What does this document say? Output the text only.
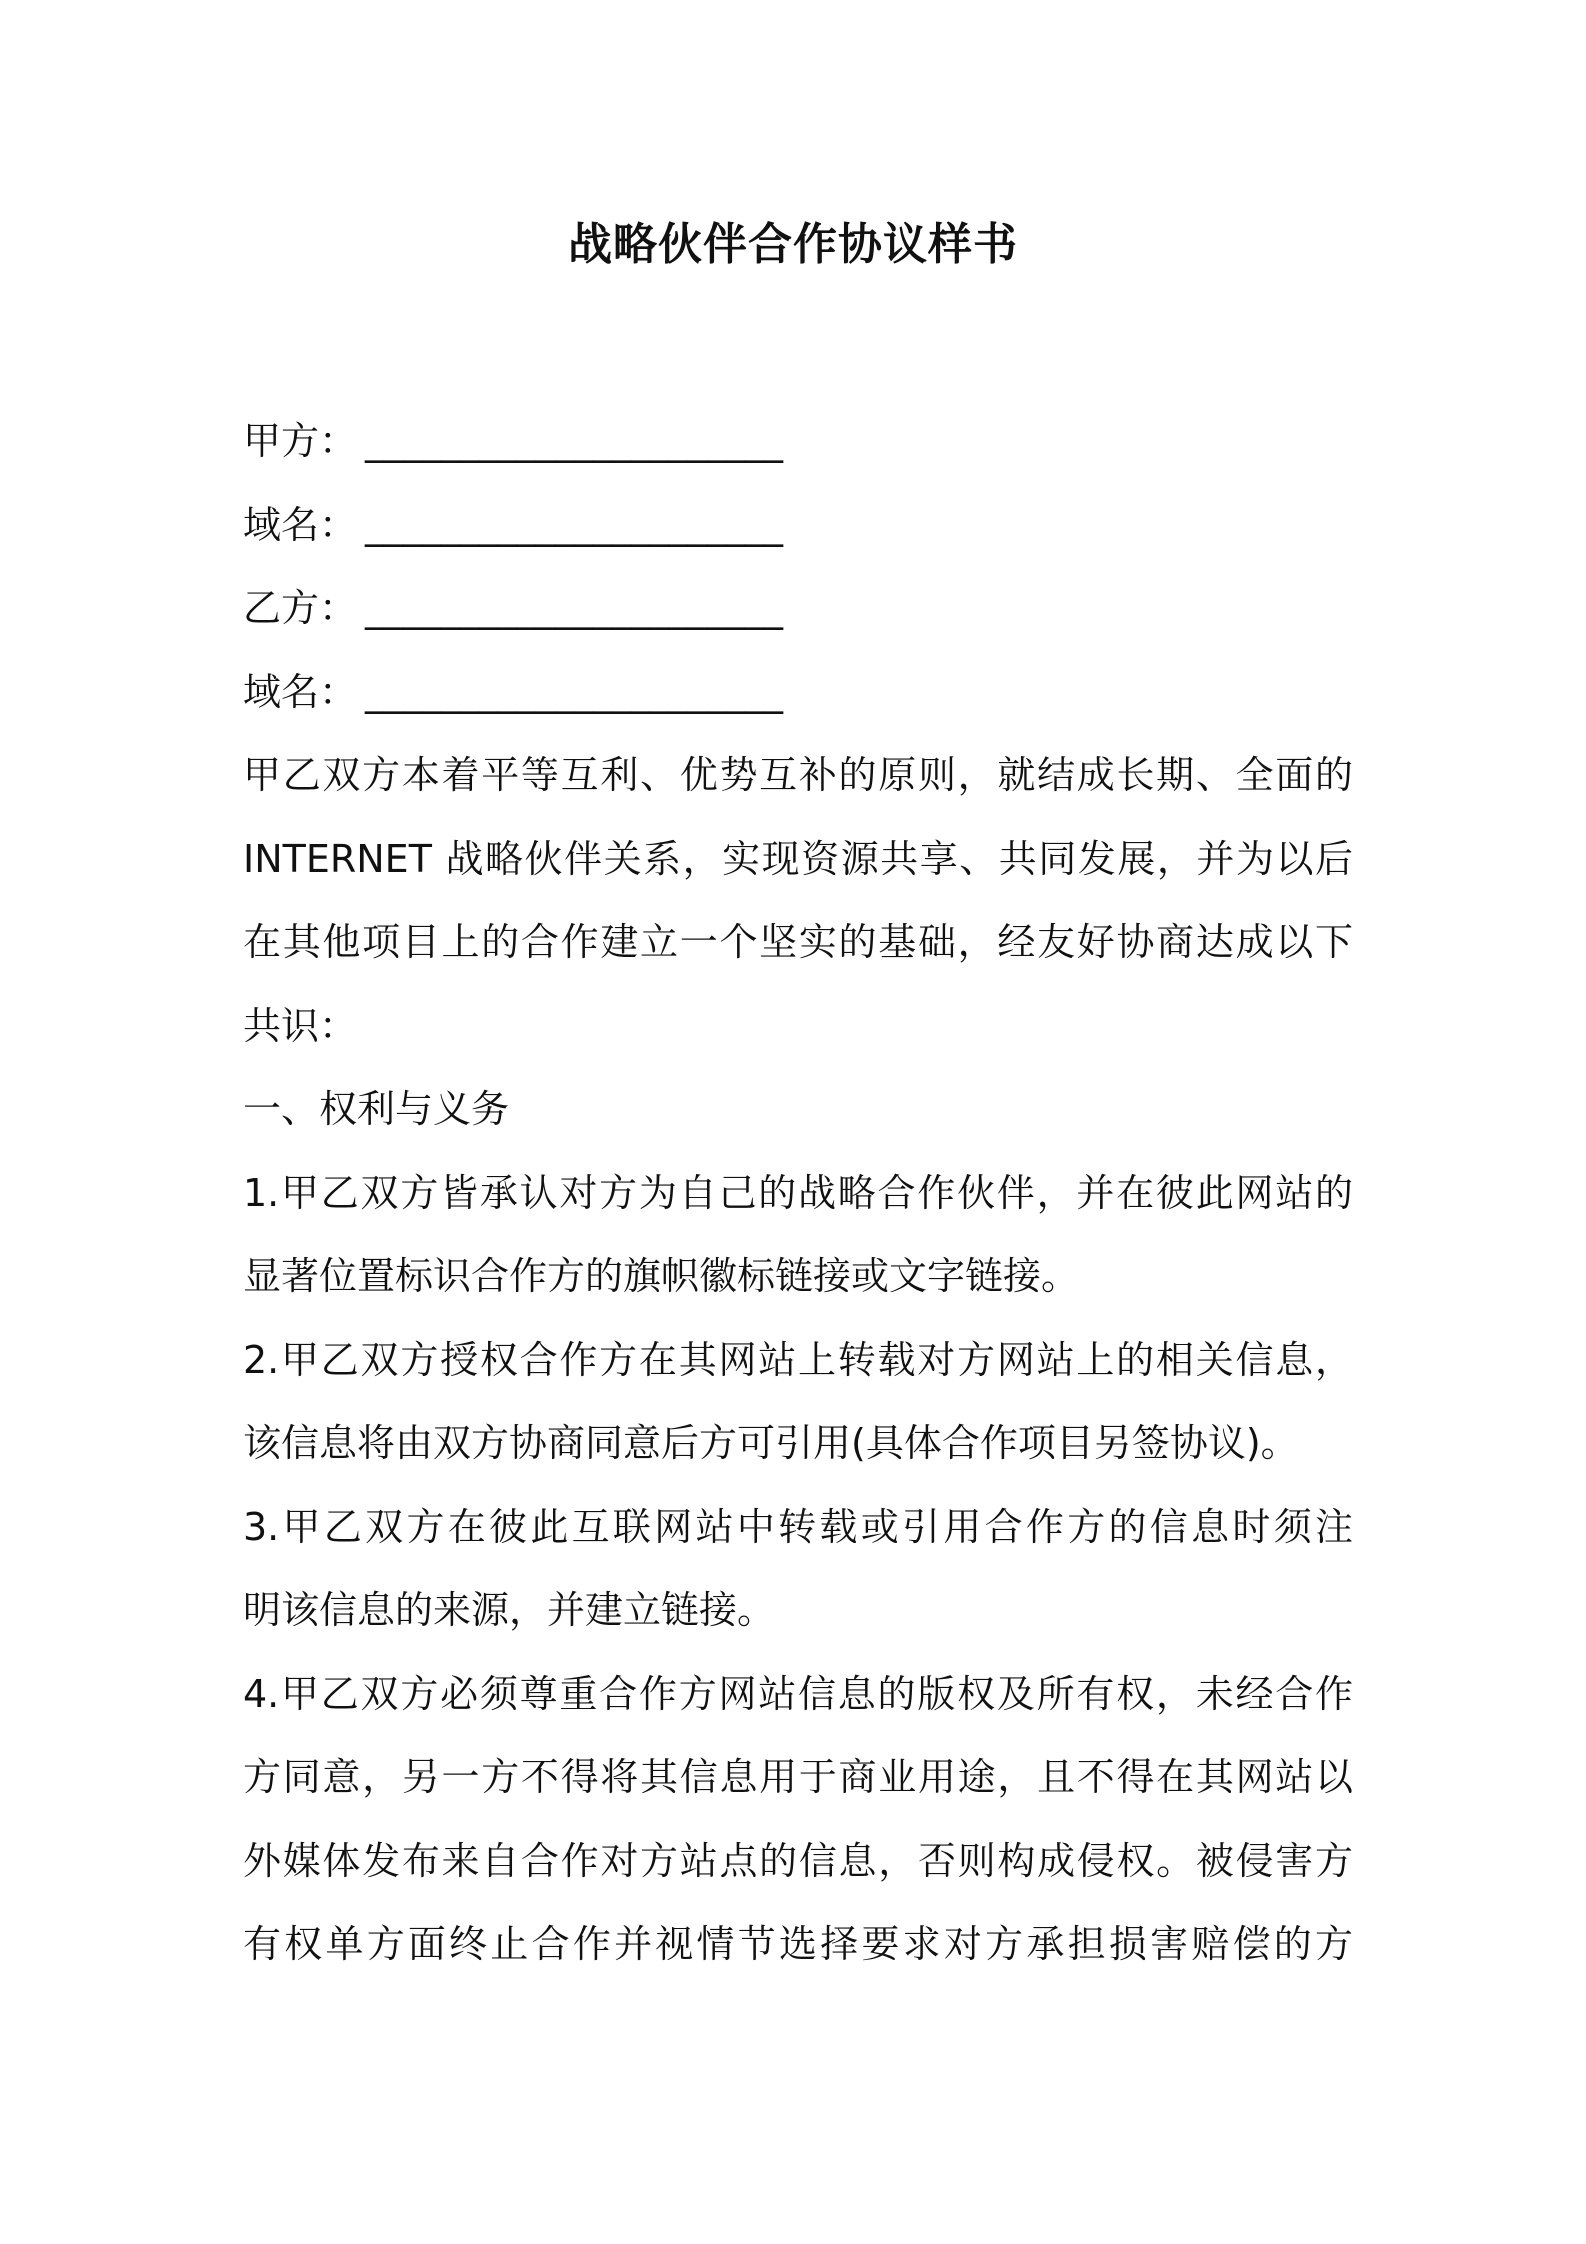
战略伙伴合作协议样书
甲方： ______________________
域名： ______________________
乙方： ______________________
域名： ______________________
甲乙双方本着平等互利、优势互补的原则，就结成长期、全面的
INTERNET 战略伙伴关系，实现资源共享、共同发展，并为以后
在其他项目上的合作建立一个坚实的基础，经友好协商达成以下
共识：
一、权利与义务
1.甲乙双方皆承认对方为自己的战略合作伙伴，并在彼此网站的
显著位置标识合作方的旗帜徽标链接或文字链接。
2.甲乙双方授权合作方在其网站上转载对方网站上的相关信息，
该信息将由双方协商同意后方可引用(具体合作项目另签协议)。
3.甲乙双方在彼此互联网站中转载或引用合作方的信息时须注
明该信息的来源，并建立链接。
4.甲乙双方必须尊重合作方网站信息的版权及所有权，未经合作
方同意，另一方不得将其信息用于商业用途，且不得在其网站以
外媒体发布来自合作对方站点的信息，否则构成侵权。被侵害方
有权单方面终止合作并视情节选择要求对方承担损害赔偿的方
